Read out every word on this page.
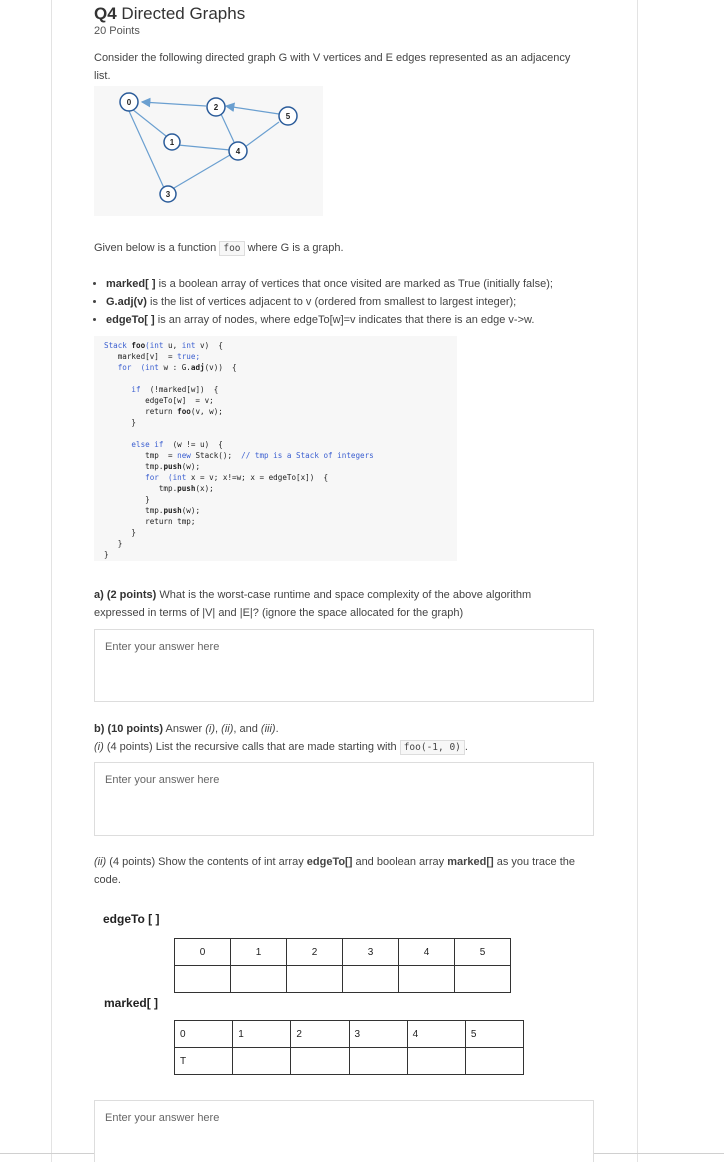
Q4 Directed Graphs
20 Points
Consider the following directed graph G with V vertices and E edges represented as an adjacency list.
0
1
2
3
4
5
Given below is a function foo where G is a graph.
• marked[ ] is a boolean array of vertices that once visited are marked as True (initially false);
• G.adj(v) is the list of vertices adjacent to v (ordered from smallest to largest integer);
• edgeTo[ ] is an array of nodes, where edgeTo[w]=v indicates that there is an edge v->w.
Stack foo(int u, int v)  {
marked[v]  = true;
for  (int w : G.adj(v))  {

if  (!marked[w])  {
edgeTo[w]  = v;
return foo(v, w);
}

else if  (w != u)  {
tmp  = new Stack();  // tmp is a Stack of integers
tmp.push(w);
for  (int x = v; x!=w; x = edgeTo[x])  {
tmp.push(x);
}
tmp.push(w);
return tmp;
}
}
}
a) (2 points) What is the worst-case runtime and space complexity of the above algorithm expressed in terms of |V| and |E|? (ignore the space allocated for the graph)
Enter your answer here
b) (10 points) Answer (i), (ii), and (iii).
(i) (4 points) List the recursive calls that are made starting with foo(-1, 0) .
Enter your answer here
(ii) (4 points) Show the contents of int array edgeTo[] and boolean array marked[] as you trace the code.
edgeTo [ ]
0	1	2	3	4	5

marked[ ]
0	1	2	3	4	5
T					
Enter your answer here
